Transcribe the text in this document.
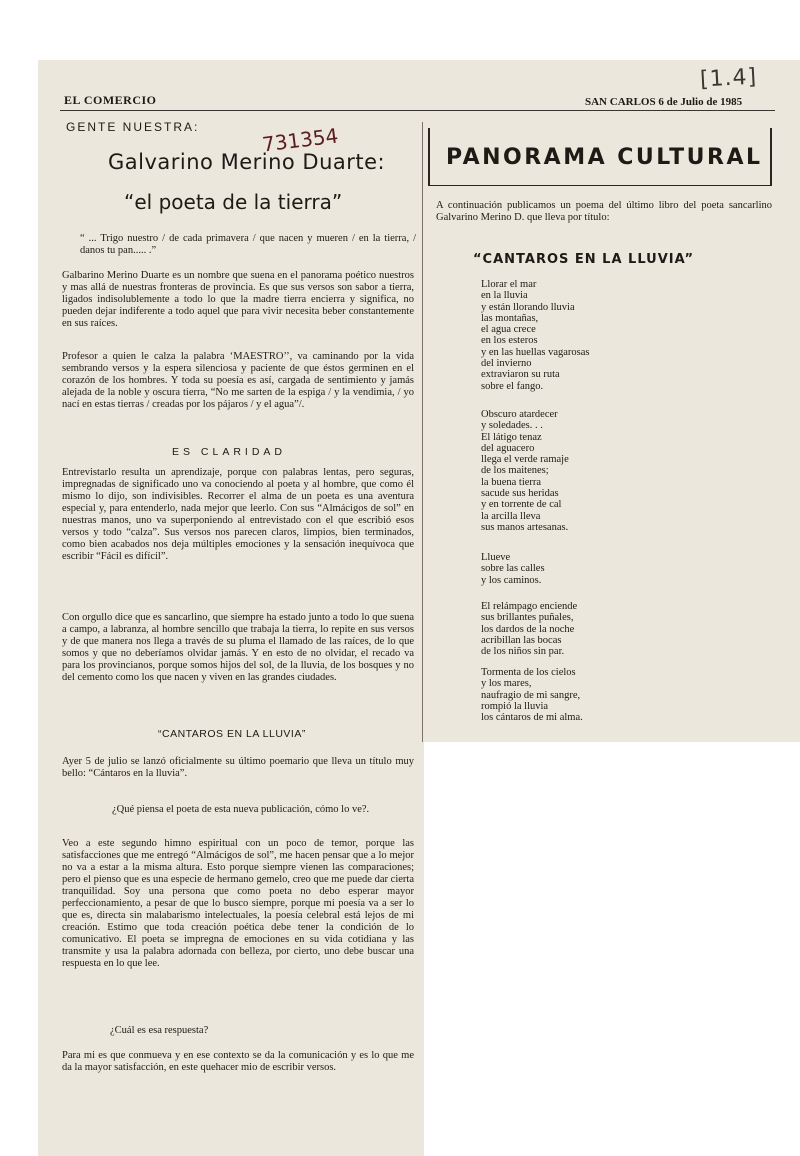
[1.4]
731354
EL COMERCIO	SAN CARLOS 6 de Julio de 1985
GENTE NUESTRA:
Galvarino Merino Duarte:
“el poeta de la tierra”

“ ... Trigo nuestro / de cada primavera / que nacen y mueren / en la tierra, / danos tu pan..... .”

Galbarino Merino Duarte es un nombre que suena en el panorama poético nuestros y mas allá de nuestras fronteras de provincia. Es que sus versos son sabor a tierra, ligados indisolublemente a todo lo que la madre tierra encierra y significa, no pueden dejar indiferente a todo aquel que para vivir necesita beber constantemente en sus raíces.

Profesor a quien le calza la palabra ‘MAESTRO’’, va caminando por la vida sembrando versos y la espera silenciosa y paciente de que éstos germinen en el corazón de los hombres. Y toda su poesía es así, cargada de sentimiento y jamás alejada de la noble y oscura tierra, “No me sarten de la espiga / y la vendimia, / yo nací en estas tierras / creadas por los pájaros / y el agua”/.

ES CLARIDAD

Entrevistarlo resulta un aprendizaje, porque con palabras lentas, pero seguras, impregnadas de significado uno va conociendo al poeta y al hombre, que como él mismo lo dijo, son indivisibles. Recorrer el alma de un poeta es una aventura especial y, para entenderlo, nada mejor que leerlo. Con sus “Almácigos de sol” en nuestras manos, uno va superponiendo al entrevistado con el que escribió esos versos y todo “calza”. Sus versos nos parecen claros, limpios, bien terminados, como bien acabados nos deja múltiples emociones y la sensación inequívoca que escribir “Fácil es difícil”.

Con orgullo dice que es sancarlino, que siempre ha estado junto a todo lo que suena a campo, a labranza, al hombre sencillo que trabaja la tierra, lo repite en sus versos y de que manera nos llega a través de su pluma el llamado de las raíces, de lo que somos y que no deberíamos olvidar jamás. Y en esto de no olvidar, el recado va para los provincianos, porque somos hijos del sol, de la lluvia, de los bosques y no del cemento como los que nacen y viven en las grandes ciudades.

“CANTAROS EN LA LLUVIA”

Ayer 5 de julio se lanzó oficialmente su último poemario que lleva un título muy bello: “Cántaros en la lluvia”.

¿Qué piensa el poeta de esta nueva publicación, cómo lo ve?.

Veo a este segundo himno espiritual con un poco de temor, porque las satisfacciones que me entregó “Almácigos de sol”, me hacen pensar que a lo mejor no va a estar a la misma altura. Esto porque siempre vienen las comparaciones; pero el pienso que es una especie de hermano gemelo, creo que me puede dar cierta tranquilidad. Soy una persona que como poeta no debo esperar mayor perfeccionamiento, a pesar de que lo busco siempre, porque mi poesía va a ser lo que es, directa sin malabarismo intelectuales, la poesía celebral está lejos de mi creación. Estimo que toda creación poética debe tener la condición de lo comunicativo. El poeta se impregna de emociones en su vida cotidiana y las transmite y usa la palabra adornada con belleza, por cierto, uno debe buscar una respuesta en lo que lee.

¿Cuál es esa respuesta?

Para mi es que conmueva y en ese contexto se da la comunicación y es lo que me da la mayor satisfacción, en este quehacer mio de escribir versos.

PANORAMA CULTURAL

A continuación publicamos un poema del último libro del poeta sancarlino Galvarino Merino D. que lleva por título:

“CANTAROS EN LA LLUVIA”
Llorar el mar
en la lluvia
y están llorando lluvia
las montañas,
el agua crece
en los esteros
y en las huellas vagarosas
del invierno
extraviaron su ruta
sobre el fango.
Obscuro atardecer
y soledades. . .
El látigo tenaz
del aguacero
llega el verde ramaje
de los maitenes;
la buena tierra
sacude sus heridas
y en torrente de cal
la arcilla lleva
sus manos artesanas.
Llueve
sobre las calles
y los caminos.
El relámpago enciende
sus brillantes puñales,
los dardos de la noche
acribillan las bocas
de los niños sin par.
Tormenta de los cielos
y los mares,
naufragio de mi sangre,
rompió la lluvia
los cántaros de mi alma.
